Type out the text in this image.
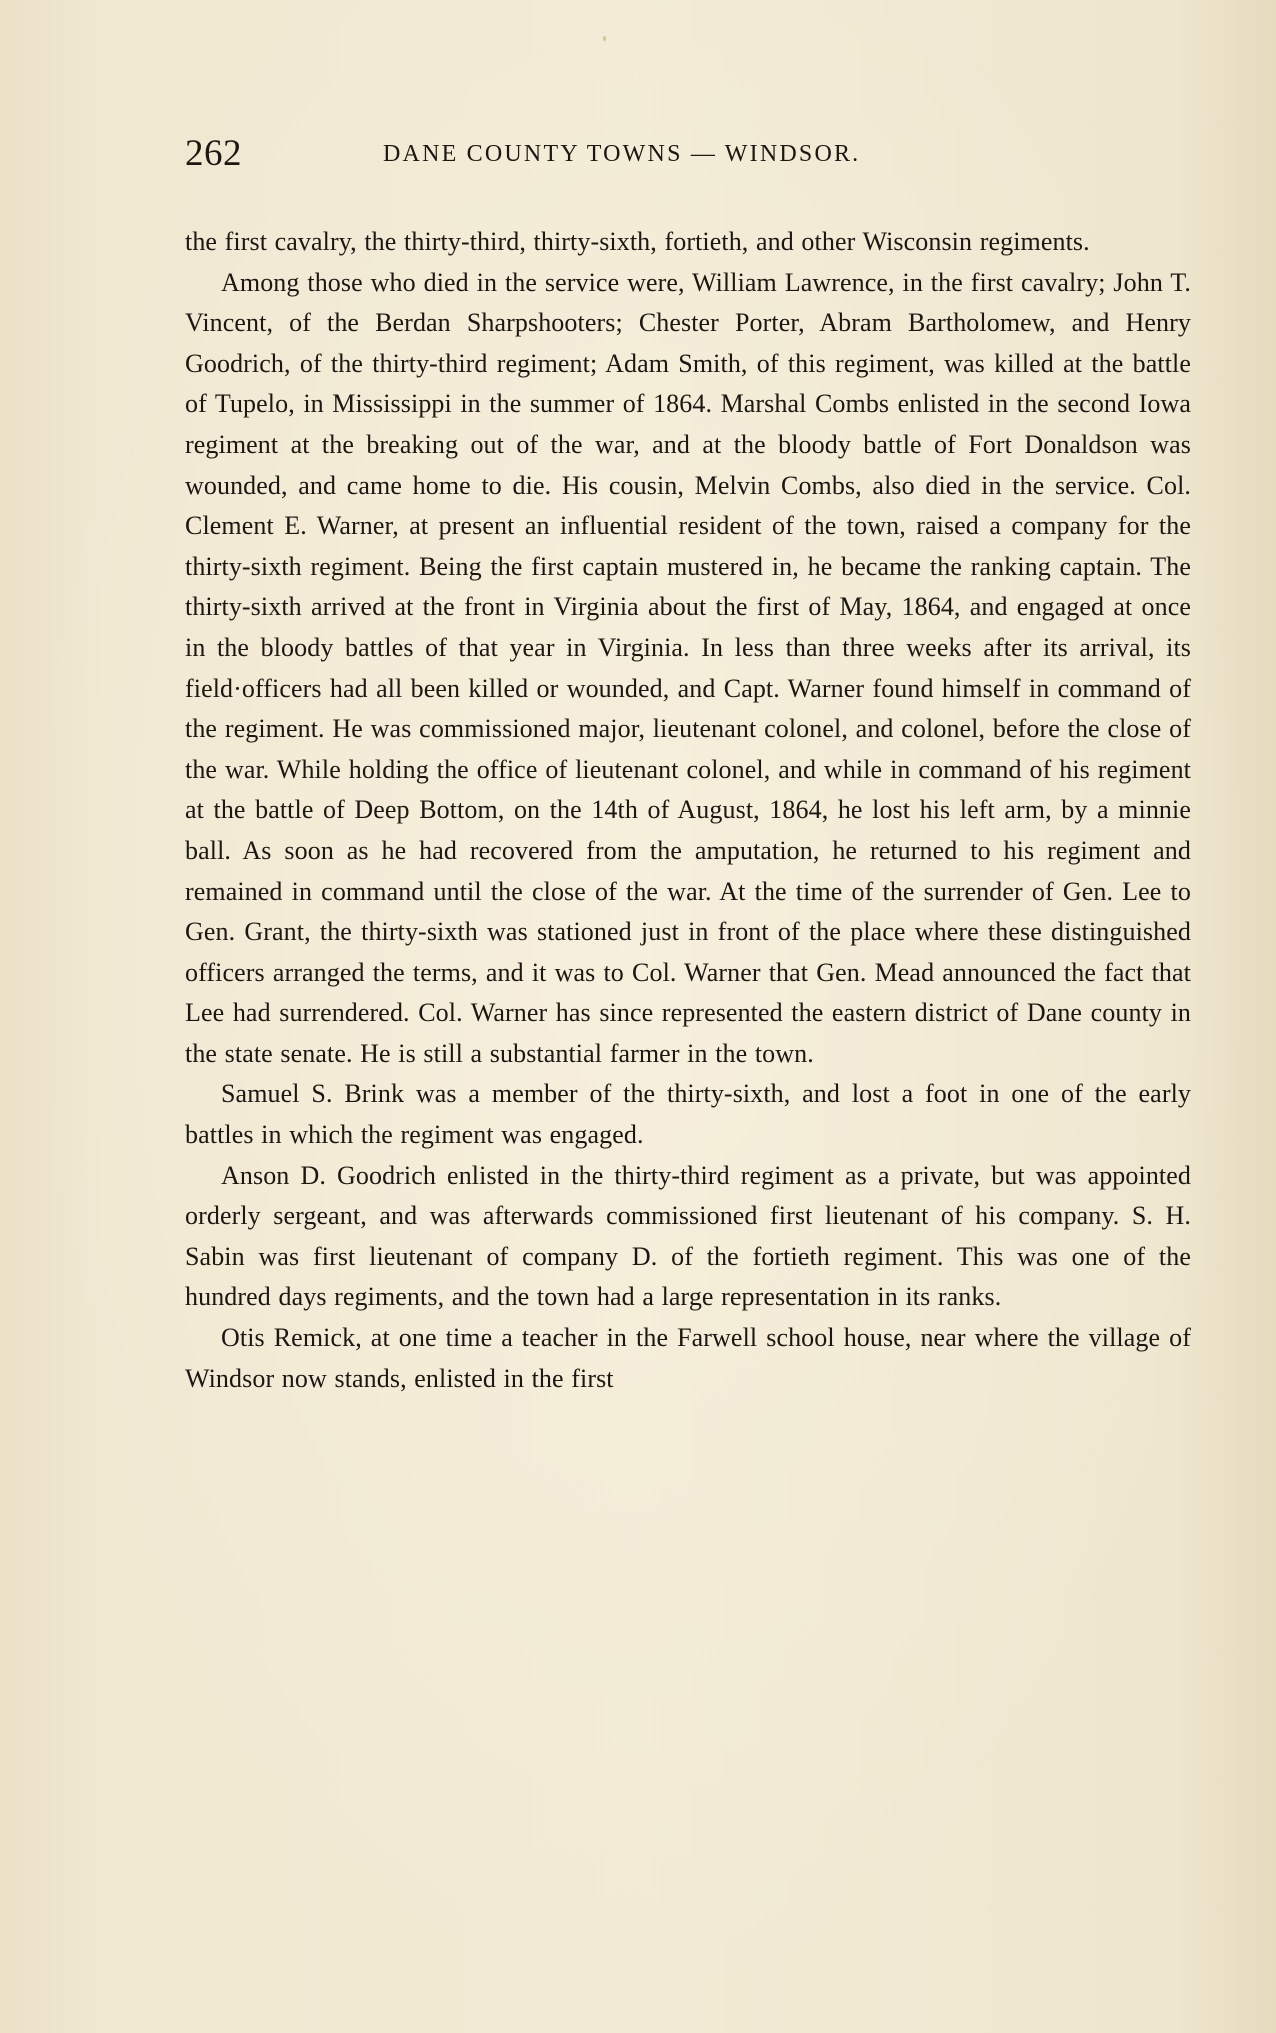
262	DANE COUNTY TOWNS — WINDSOR.

the first cavalry, the thirty-third, thirty-sixth, fortieth, and other Wisconsin regiments.

Among those who died in the service were, William Lawrence, in the first cavalry; John T. Vincent, of the Berdan Sharpshooters; Chester Porter, Abram Bartholomew, and Henry Goodrich, of the thirty-third regiment; Adam Smith, of this regiment, was killed at the battle of Tupelo, in Mississippi in the summer of 1864. Marshal Combs enlisted in the second Iowa regiment at the breaking out of the war, and at the bloody battle of Fort Donaldson was wounded, and came home to die. His cousin, Melvin Combs, also died in the service. Col. Clement E. Warner, at present an influential resident of the town, raised a company for the thirty-sixth regiment. Being the first captain mustered in, he became the ranking captain. The thirty-sixth arrived at the front in Virginia about the first of May, 1864, and engaged at once in the bloody battles of that year in Virginia. In less than three weeks after its arrival, its field·officers had all been killed or wounded, and Capt. Warner found himself in command of the regiment. He was commissioned major, lieutenant colonel, and colonel, before the close of the war. While holding the office of lieutenant colonel, and while in command of his regiment at the battle of Deep Bottom, on the 14th of August, 1864, he lost his left arm, by a minnie ball. As soon as he had recovered from the amputation, he returned to his regiment and remained in command until the close of the war. At the time of the surrender of Gen. Lee to Gen. Grant, the thirty-sixth was stationed just in front of the place where these distinguished officers arranged the terms, and it was to Col. Warner that Gen. Mead announced the fact that Lee had surrendered. Col. Warner has since represented the eastern district of Dane county in the state senate. He is still a substantial farmer in the town.

Samuel S. Brink was a member of the thirty-sixth, and lost a foot in one of the early battles in which the regiment was engaged.

Anson D. Goodrich enlisted in the thirty-third regiment as a private, but was appointed orderly sergeant, and was afterwards commissioned first lieutenant of his company. S. H. Sabin was first lieutenant of company D. of the fortieth regiment. This was one of the hundred days regiments, and the town had a large representation in its ranks.

Otis Remick, at one time a teacher in the Farwell school house, near where the village of Windsor now stands, enlisted in the first
